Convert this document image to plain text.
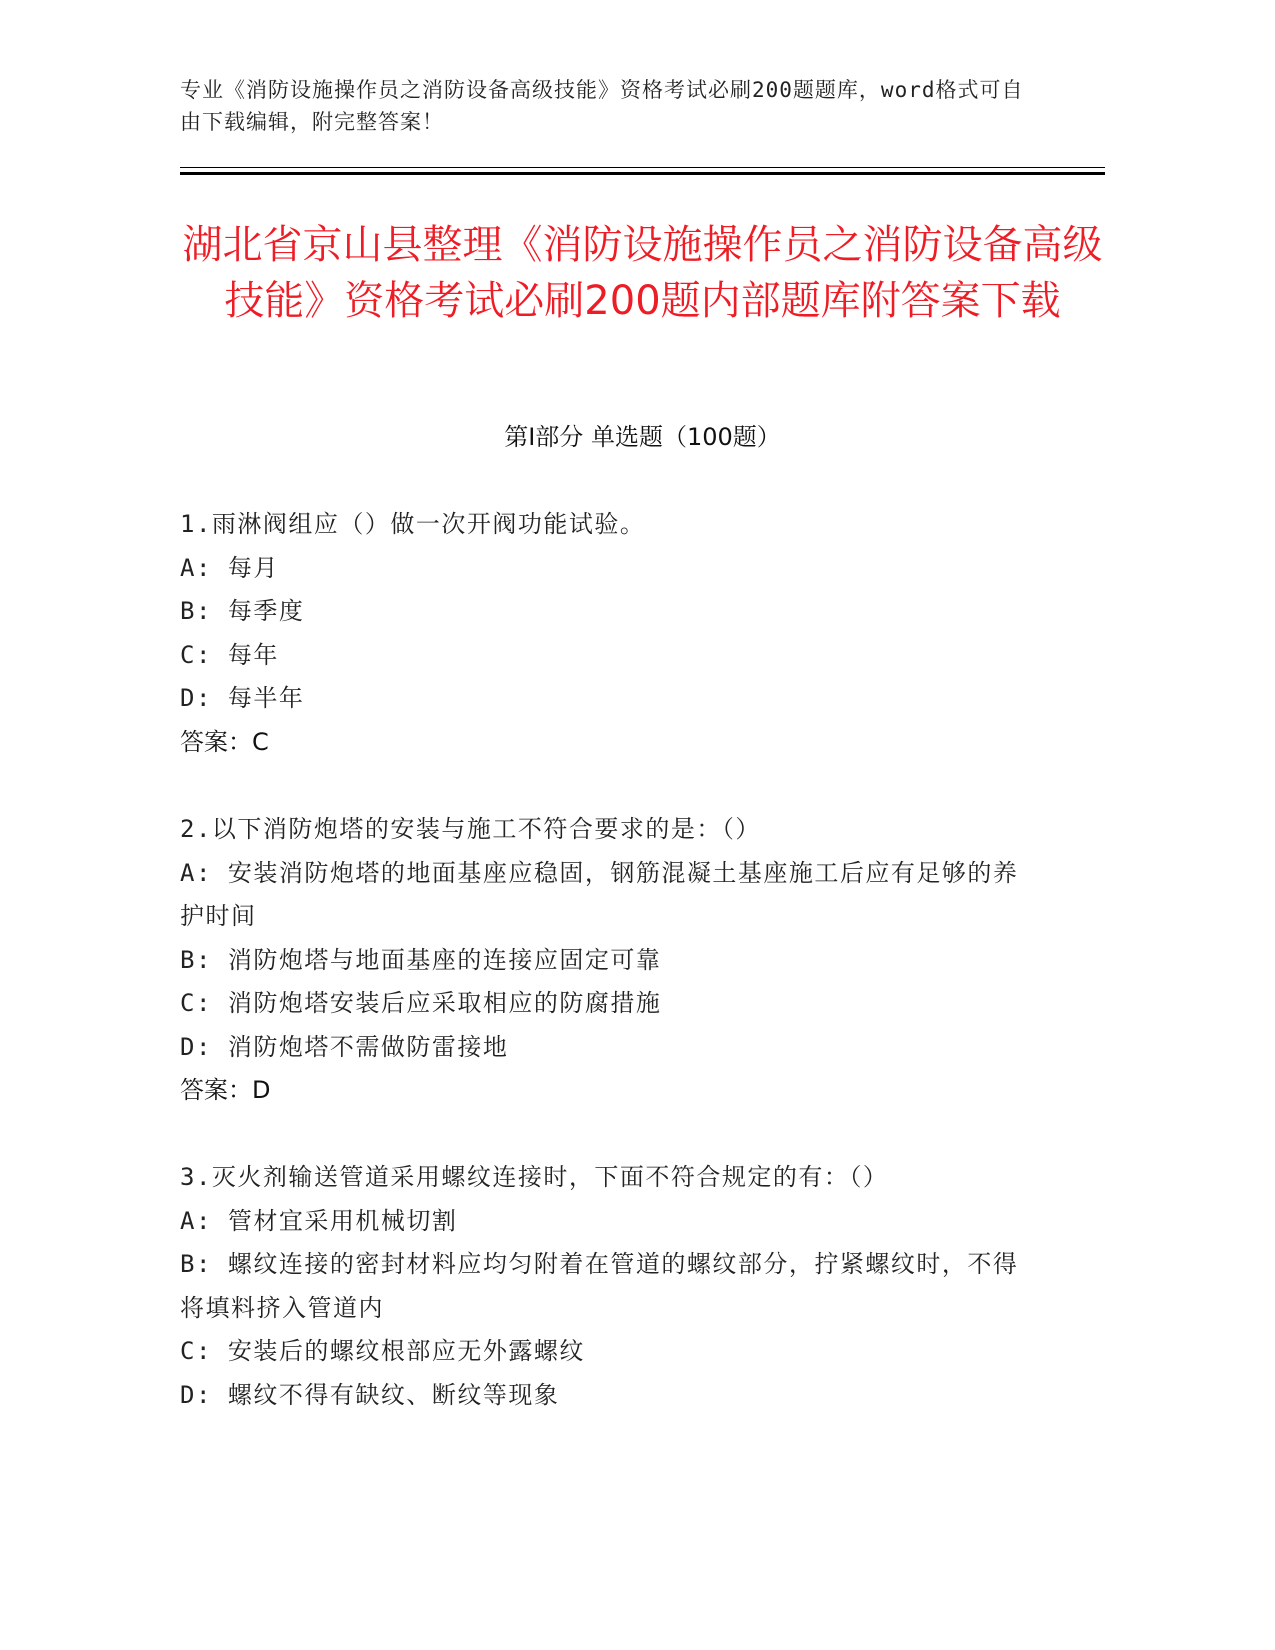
专业《消防设施操作员之消防设备高级技能》资格考试必刷200题题库，word格式可自由下载编辑，附完整答案！
湖北省京山县整理《消防设施操作员之消防设备高级技能》资格考试必刷200题内部题库附答案下载
第I部分 单选题（100题）
1.雨淋阀组应（）做一次开阀功能试验。
A: 每月
B: 每季度
C: 每年
D: 每半年
答案：C
2.以下消防炮塔的安装与施工不符合要求的是：（）
A: 安装消防炮塔的地面基座应稳固，钢筋混凝土基座施工后应有足够的养护时间
B: 消防炮塔与地面基座的连接应固定可靠
C: 消防炮塔安装后应采取相应的防腐措施
D: 消防炮塔不需做防雷接地
答案：D
3.灭火剂输送管道采用螺纹连接时，下面不符合规定的有：（）
A: 管材宜采用机械切割
B: 螺纹连接的密封材料应均匀附着在管道的螺纹部分，拧紧螺纹时，不得将填料挤入管道内
C: 安装后的螺纹根部应无外露螺纹
D: 螺纹不得有缺纹、断纹等现象
